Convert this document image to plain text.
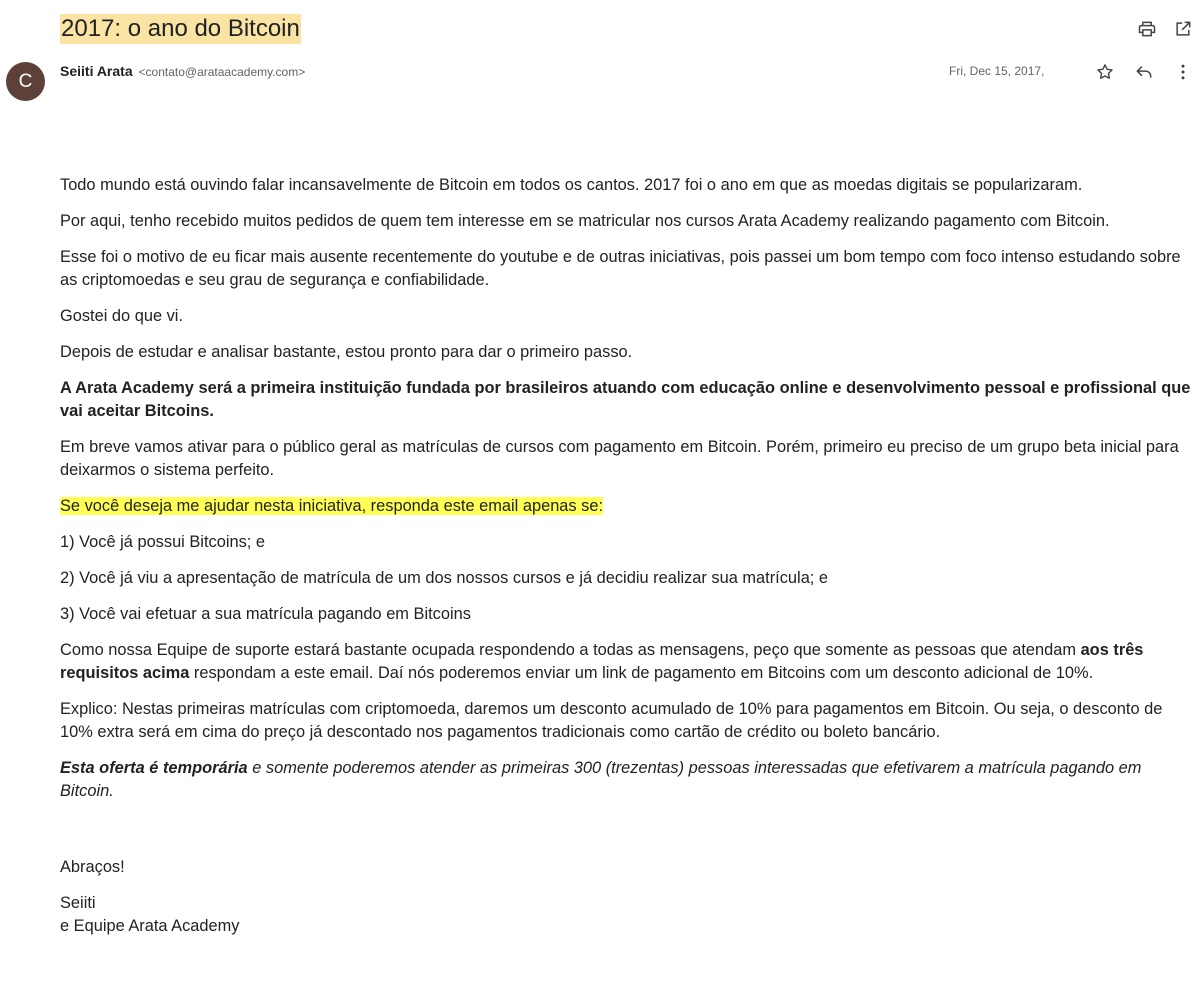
2017: o ano do Bitcoin
C	Seiiti Arata <contato@arataacademy.com>	Fri, Dec 15, 2017,

Todo mundo está ouvindo falar incansavelmente de Bitcoin em todos os cantos. 2017 foi o ano em que as moedas digitais se popularizaram.

Por aqui, tenho recebido muitos pedidos de quem tem interesse em se matricular nos cursos Arata Academy realizando pagamento com Bitcoin.

Esse foi o motivo de eu ficar mais ausente recentemente do youtube e de outras iniciativas, pois passei um bom tempo com foco intenso estudando sobre as criptomoedas e seu grau de segurança e confiabilidade.

Gostei do que vi.

Depois de estudar e analisar bastante, estou pronto para dar o primeiro passo.

A Arata Academy será a primeira instituição fundada por brasileiros atuando com educação online e desenvolvimento pessoal e profissional que vai aceitar Bitcoins.

Em breve vamos ativar para o público geral as matrículas de cursos com pagamento em Bitcoin. Porém, primeiro eu preciso de um grupo beta inicial para deixarmos o sistema perfeito.

Se você deseja me ajudar nesta iniciativa, responda este email apenas se:

1) Você já possui Bitcoins; e

2) Você já viu a apresentação de matrícula de um dos nossos cursos e já decidiu realizar sua matrícula; e

3) Você vai efetuar a sua matrícula pagando em Bitcoins

Como nossa Equipe de suporte estará bastante ocupada respondendo a todas as mensagens, peço que somente as pessoas que atendam aos três requisitos acima respondam a este email. Daí nós poderemos enviar um link de pagamento em Bitcoins com um desconto adicional de 10%.

Explico: Nestas primeiras matrículas com criptomoeda, daremos um desconto acumulado de 10% para pagamentos em Bitcoin. Ou seja, o desconto de 10% extra será em cima do preço já descontado nos pagamentos tradicionais como cartão de crédito ou boleto bancário.

Esta oferta é temporária e somente poderemos atender as primeiras 300 (trezentas) pessoas interessadas que efetivarem a matrícula pagando em Bitcoin.

Abraços!

Seiiti
e Equipe Arata Academy
